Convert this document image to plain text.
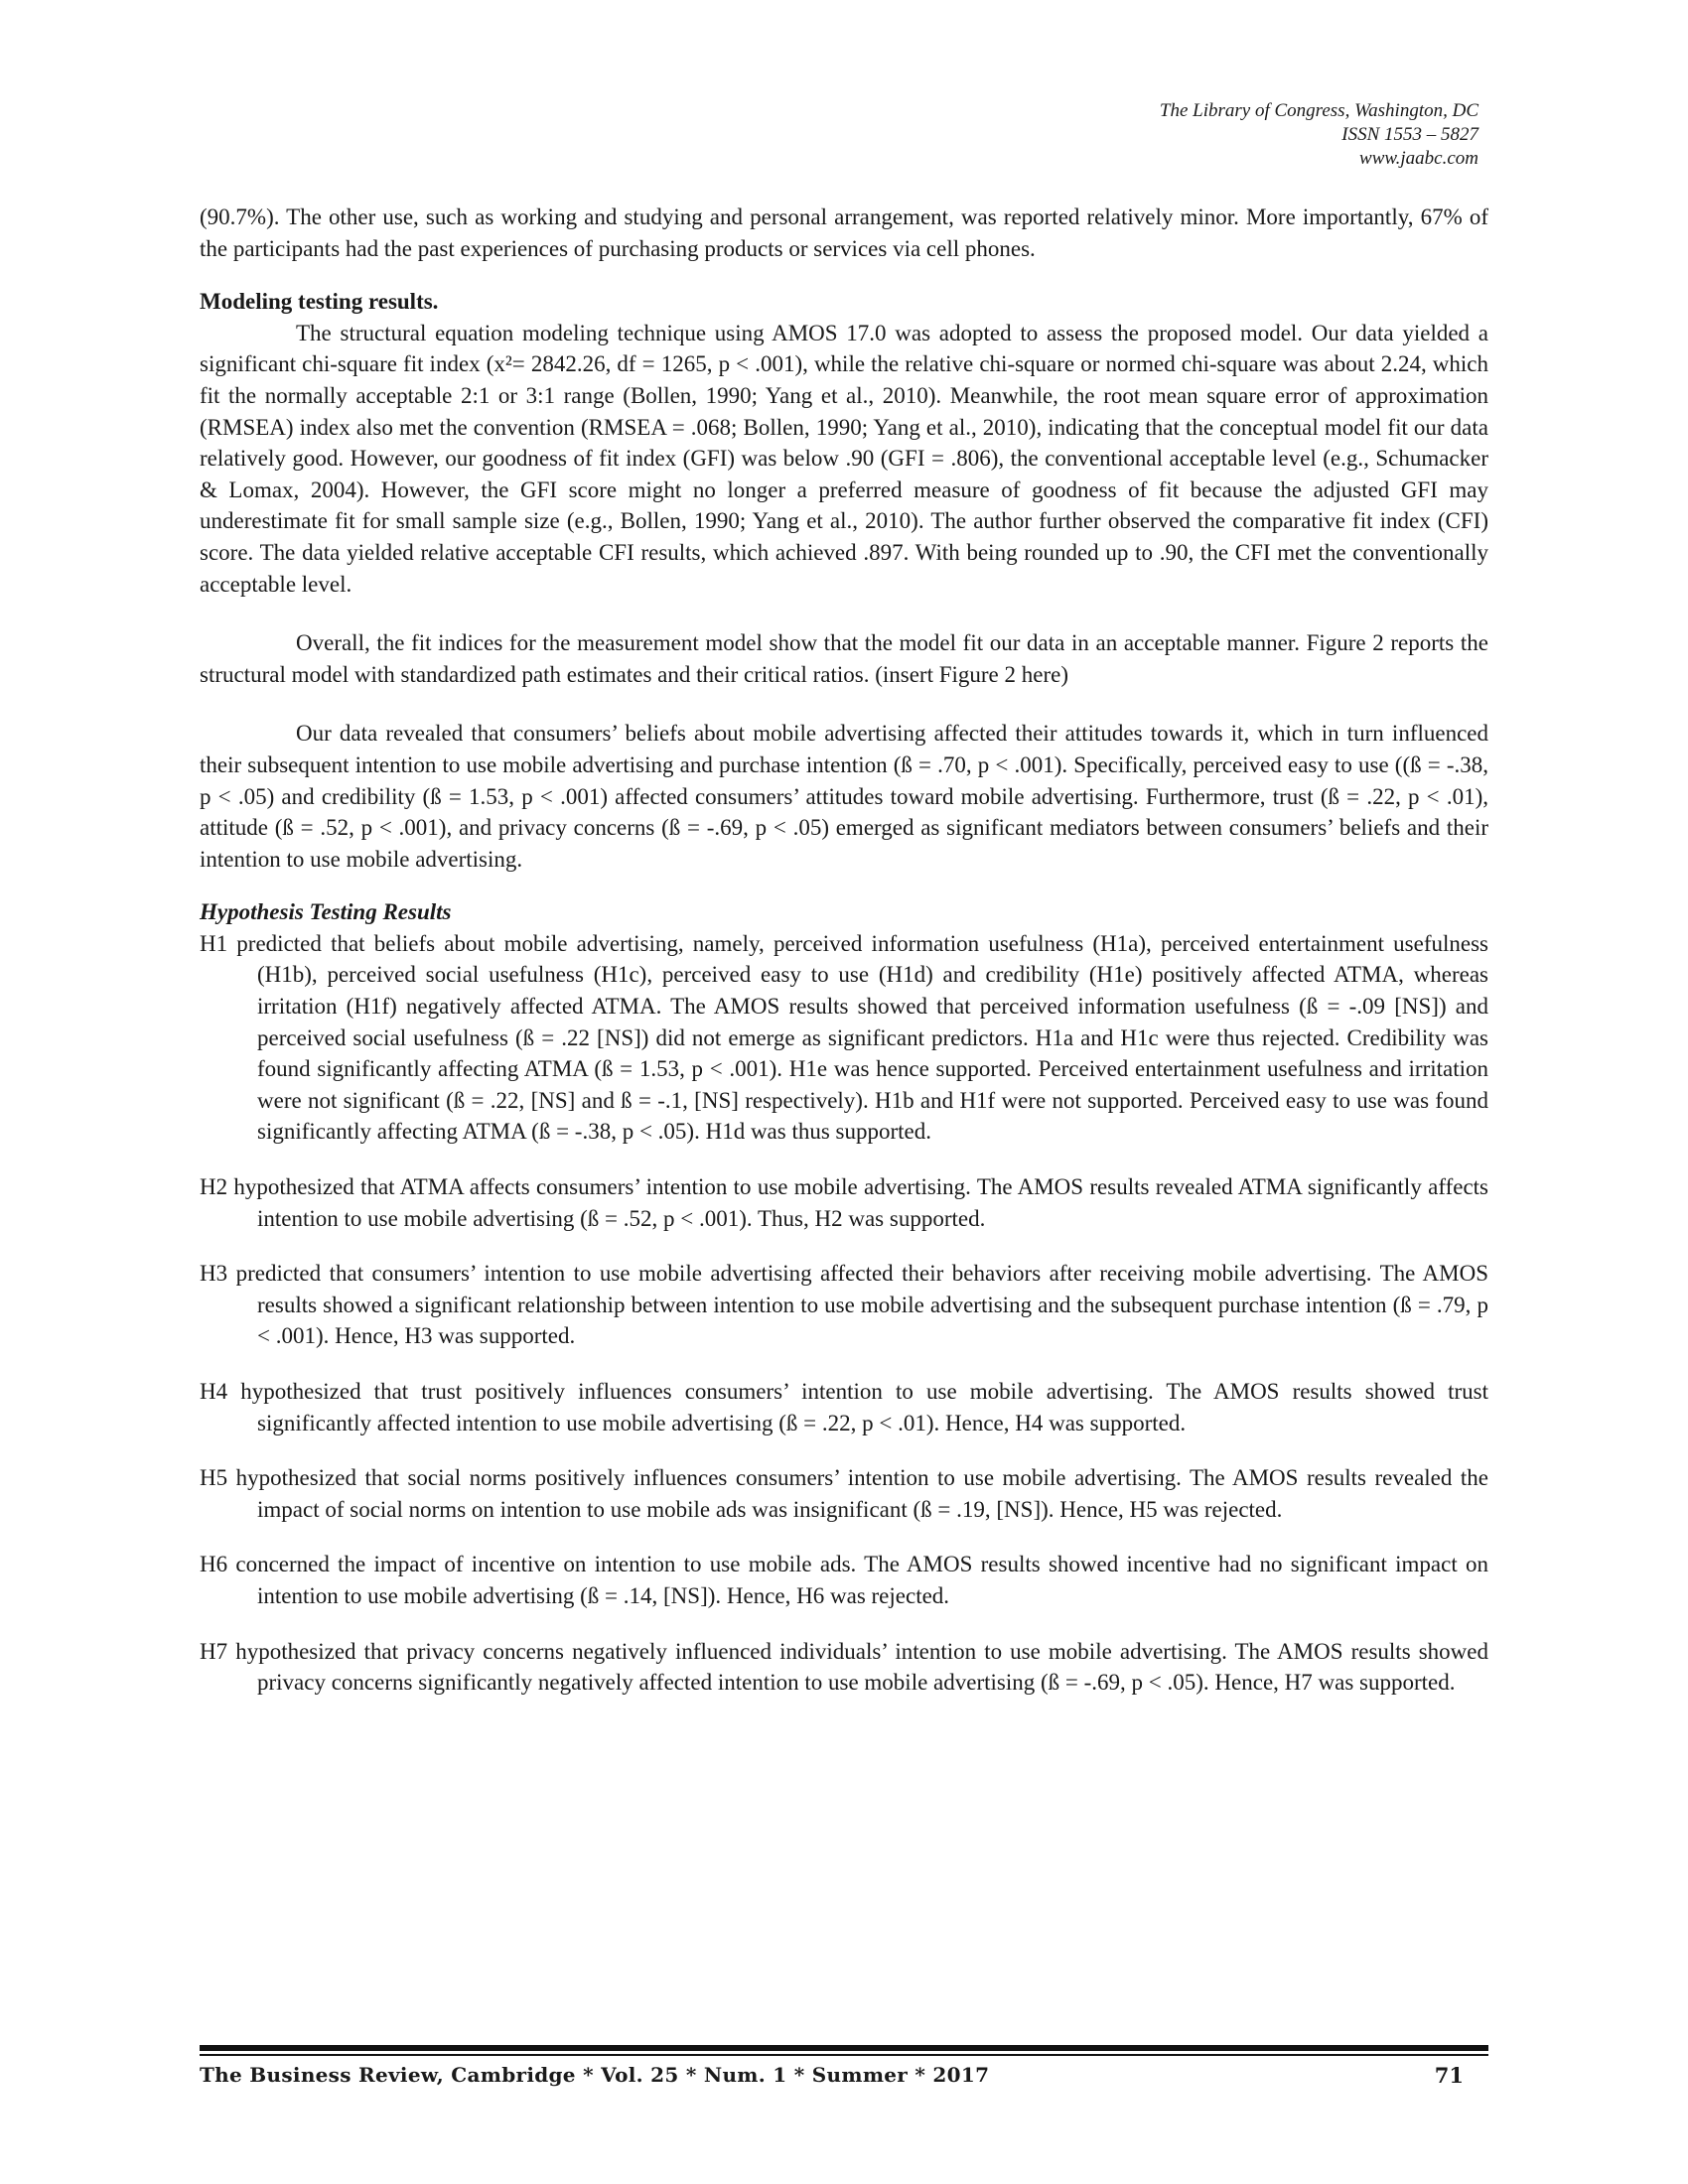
The Library of Congress, Washington, DC
ISSN 1553 – 5827
www.jaabc.com

(90.7%). The other use, such as working and studying and personal arrangement, was reported relatively minor. More importantly, 67% of the participants had the past experiences of purchasing products or services via cell phones.

Modeling testing results.

The structural equation modeling technique using AMOS 17.0 was adopted to assess the proposed model. Our data yielded a significant chi-square fit index (x²= 2842.26, df = 1265, p < .001), while the relative chi-square or normed chi-square was about 2.24, which fit the normally acceptable 2:1 or 3:1 range (Bollen, 1990; Yang et al., 2010). Meanwhile, the root mean square error of approximation (RMSEA) index also met the convention (RMSEA = .068; Bollen, 1990; Yang et al., 2010), indicating that the conceptual model fit our data relatively good. However, our goodness of fit index (GFI) was below .90 (GFI = .806), the conventional acceptable level (e.g., Schumacker & Lomax, 2004). However, the GFI score might no longer a preferred measure of goodness of fit because the adjusted GFI may underestimate fit for small sample size (e.g., Bollen, 1990; Yang et al., 2010). The author further observed the comparative fit index (CFI) score. The data yielded relative acceptable CFI results, which achieved .897. With being rounded up to .90, the CFI met the conventionally acceptable level.

Overall, the fit indices for the measurement model show that the model fit our data in an acceptable manner. Figure 2 reports the structural model with standardized path estimates and their critical ratios. (insert Figure 2 here)

Our data revealed that consumers’ beliefs about mobile advertising affected their attitudes towards it, which in turn influenced their subsequent intention to use mobile advertising and purchase intention (ß = .70, p < .001). Specifically, perceived easy to use ((ß = -.38, p < .05) and credibility (ß = 1.53, p < .001) affected consumers’ attitudes toward mobile advertising. Furthermore, trust (ß = .22, p < .01), attitude (ß = .52, p < .001), and privacy concerns (ß = -.69, p < .05) emerged as significant mediators between consumers’ beliefs and their intention to use mobile advertising.

Hypothesis Testing Results

H1 predicted that beliefs about mobile advertising, namely, perceived information usefulness (H1a), perceived entertainment usefulness (H1b), perceived social usefulness (H1c), perceived easy to use (H1d) and credibility (H1e) positively affected ATMA, whereas irritation (H1f) negatively affected ATMA. The AMOS results showed that perceived information usefulness (ß = -.09 [NS]) and perceived social usefulness (ß = .22 [NS]) did not emerge as significant predictors. H1a and H1c were thus rejected. Credibility was found significantly affecting ATMA (ß = 1.53, p < .001). H1e was hence supported. Perceived entertainment usefulness and irritation were not significant (ß = .22, [NS] and ß = -.1, [NS] respectively). H1b and H1f were not supported. Perceived easy to use was found significantly affecting ATMA (ß = -.38, p < .05). H1d was thus supported.

H2 hypothesized that ATMA affects consumers’ intention to use mobile advertising. The AMOS results revealed ATMA significantly affects intention to use mobile advertising (ß = .52, p < .001). Thus, H2 was supported.

H3 predicted that consumers’ intention to use mobile advertising affected their behaviors after receiving mobile advertising. The AMOS results showed a significant relationship between intention to use mobile advertising and the subsequent purchase intention (ß = .79, p < .001). Hence, H3 was supported.

H4 hypothesized that trust positively influences consumers’ intention to use mobile advertising. The AMOS results showed trust significantly affected intention to use mobile advertising (ß = .22, p < .01). Hence, H4 was supported.

H5 hypothesized that social norms positively influences consumers’ intention to use mobile advertising. The AMOS results revealed the impact of social norms on intention to use mobile ads was insignificant (ß = .19, [NS]). Hence, H5 was rejected.

H6 concerned the impact of incentive on intention to use mobile ads. The AMOS results showed incentive had no significant impact on intention to use mobile advertising (ß = .14, [NS]). Hence, H6 was rejected.

H7 hypothesized that privacy concerns negatively influenced individuals’ intention to use mobile advertising. The AMOS results showed privacy concerns significantly negatively affected intention to use mobile advertising (ß = -.69, p < .05). Hence, H7 was supported.

The Business Review, Cambridge * Vol. 25 * Num. 1 * Summer * 2017	71
